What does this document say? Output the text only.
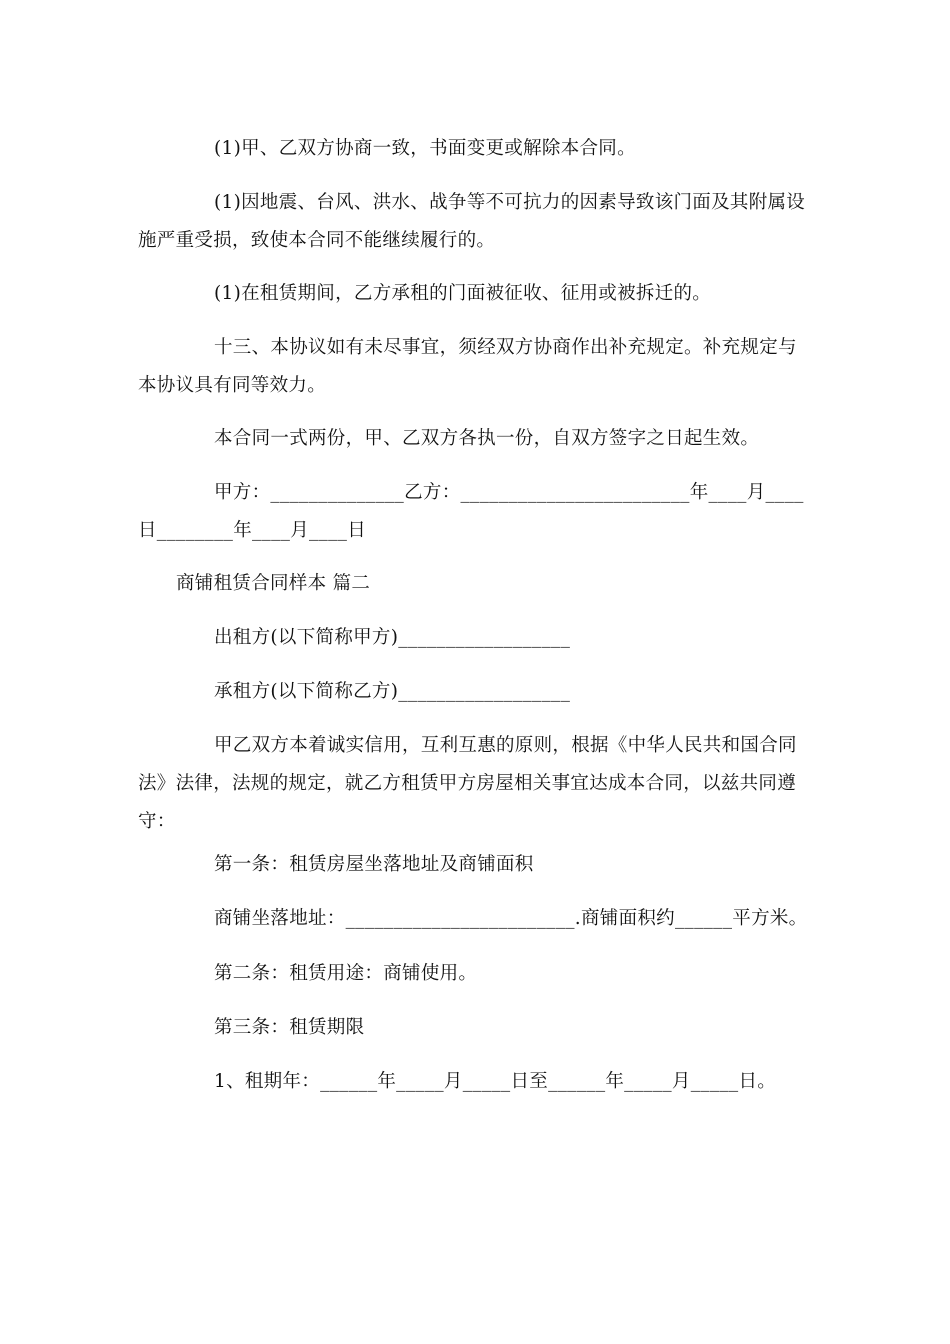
(1)甲、乙双方协商一致，书面变更或解除本合同。
(1)因地震、台风、洪水、战争等不可抗力的因素导致该门面及其附属设施严重受损，致使本合同不能继续履行的。
(1)在租赁期间，乙方承租的门面被征收、征用或被拆迁的。
十三、本协议如有未尽事宜，须经双方协商作出补充规定。补充规定与本协议具有同等效力。
本合同一式两份，甲、乙双方各执一份，自双方签字之日起生效。
甲方：______________乙方：________________________年____月____日________年____月____日
商铺租赁合同样本 篇二
出租方(以下简称甲方)__________________
承租方(以下简称乙方)__________________
甲乙双方本着诚实信用，互利互惠的原则，根据《中华人民共和国合同法》法律，法规的规定，就乙方租赁甲方房屋相关事宜达成本合同，以兹共同遵守：
第一条：租赁房屋坐落地址及商铺面积
商铺坐落地址：________________________.商铺面积约______平方米。
第二条：租赁用途：商铺使用。
第三条：租赁期限
1、租期年：______年_____月_____日至______年_____月_____日。
